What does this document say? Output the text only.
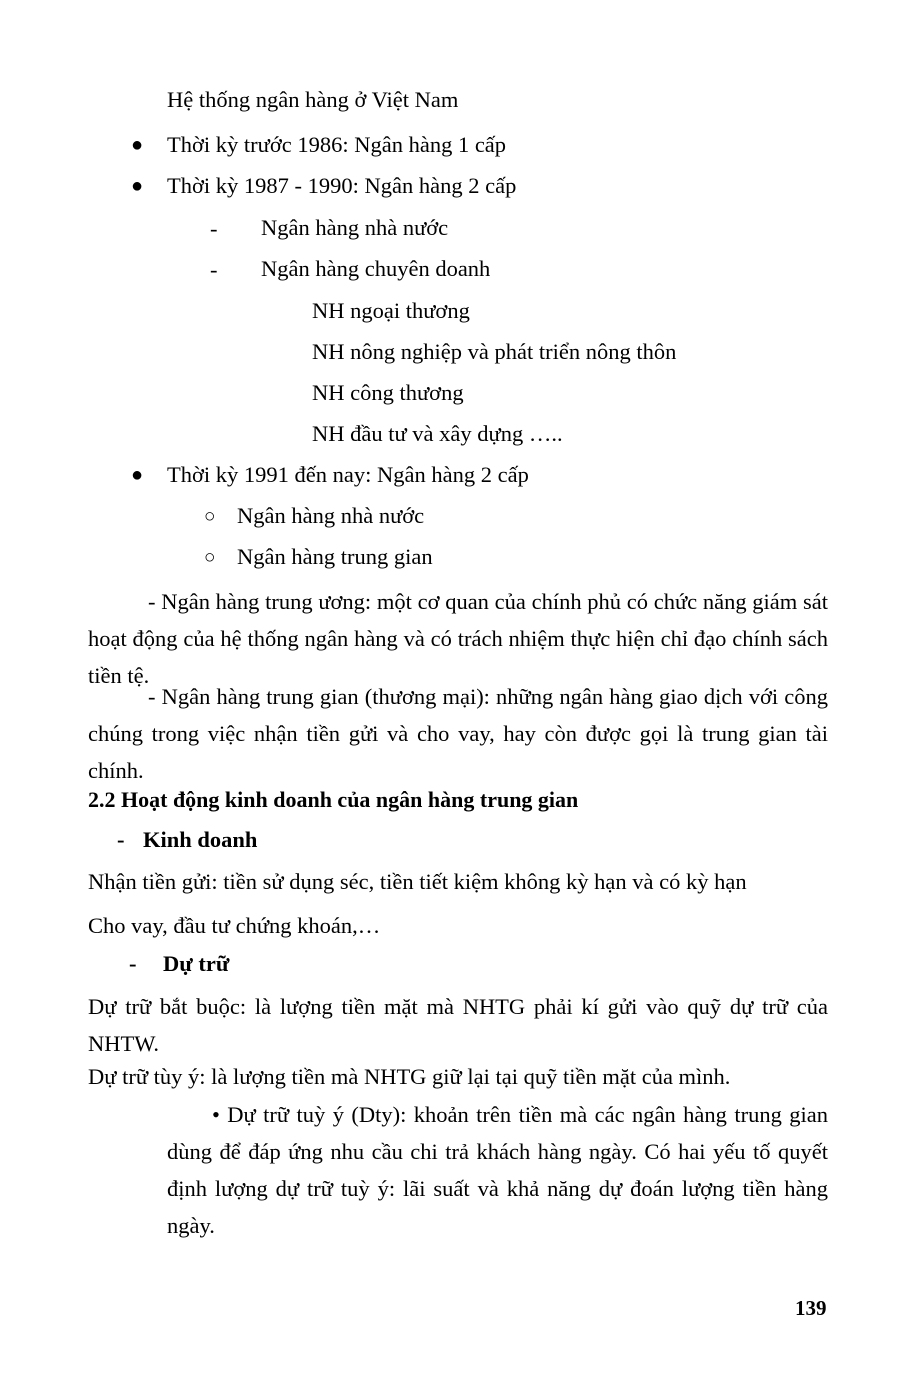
Hệ thống ngân hàng ở Việt Nam
● Thời kỳ trước 1986: Ngân hàng 1 cấp
● Thời kỳ 1987 - 1990: Ngân hàng 2 cấp
- Ngân hàng nhà nước
- Ngân hàng chuyên doanh
NH ngoại thương
NH nông nghiệp và phát triển nông thôn
NH công thương
NH đầu tư và xây dựng …..
● Thời kỳ 1991 đến nay: Ngân hàng 2 cấp
○ Ngân hàng nhà nước
○ Ngân hàng trung gian
- Ngân hàng trung ương: một cơ quan của chính phủ có chức năng giám sát hoạt động của hệ thống ngân hàng và có trách nhiệm thực hiện chỉ đạo chính sách tiền tệ.
- Ngân hàng trung gian (thương mại): những ngân hàng giao dịch với công chúng trong việc nhận tiền gửi và cho vay, hay còn được gọi là trung gian tài chính.
2.2 Hoạt động kinh doanh của ngân hàng trung gian
- Kinh doanh
Nhận tiền gửi: tiền sử dụng séc, tiền tiết kiệm không kỳ hạn và có kỳ hạn
Cho vay, đầu tư chứng khoán,…
- Dự trữ
Dự trữ bắt buộc: là lượng tiền mặt mà NHTG phải kí gửi vào quỹ dự trữ của NHTW.
Dự trữ tùy ý: là lượng tiền mà NHTG giữ lại tại quỹ tiền mặt của mình.
• Dự trữ tuỳ ý (Dty): khoản trên tiền mà các ngân hàng trung gian dùng để đáp ứng nhu cầu chi trả khách hàng ngày. Có hai yếu tố quyết định lượng dự trữ tuỳ ý: lãi suất và khả năng dự đoán lượng tiền hàng ngày.
139
